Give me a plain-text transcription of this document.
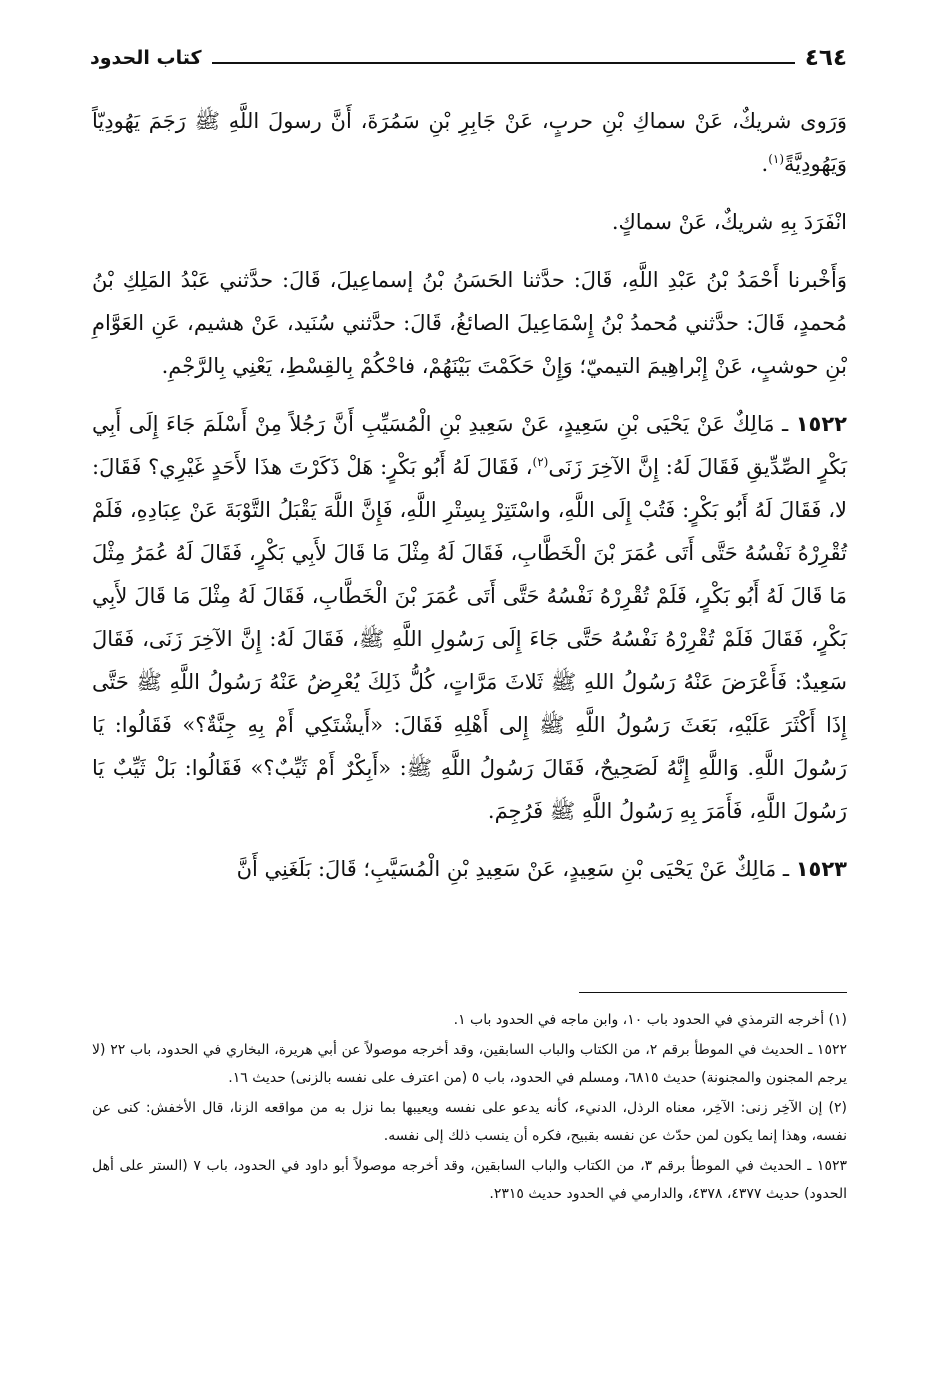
٤٦٤
كتاب الحدود

وَرَوى شريكٌ، عَنْ سماكِ بْنِ حربٍ، عَنْ جَابِرِ بْنِ سَمُرَةَ، أَنَّ رسولَ اللَّهِ ﷺ رَجَمَ يَهُودِيّاً وَيَهُودِيَّةً$^{(١)}$.

انْفَرَدَ بِهِ شريكٌ، عَنْ سماكٍ.

وَأَخْبرنا أَحْمَدُ بْنُ عَبْدِ اللَّهِ، قَالَ: حدَّثنا الحَسَنُ بْنُ إسماعِيلَ، قَالَ: حدَّثني عَبْدُ المَلِكِ بْنُ مُحمدٍ، قَالَ: حدَّثني مُحمدُ بْنُ إِسْمَاعِيلَ الصائغُ، قَالَ: حدَّثني سُنَيد، عَنْ هشيم، عَنِ العَوَّامِ بْنِ حوشبٍ، عَنْ إِبْراهِيمَ التيميّ؛ وَإِنْ حَكَمْتَ بَيْنَهُمْ، فاحْكُمْ بِالقِسْطِ، يَعْنِي بِالرَّجْمِ.

١٥٢٢ ـ مَالِكٌ عَنْ يَحْيَى بْنِ سَعِيدٍ، عَنْ سَعِيدِ بْنِ الْمُسَيِّبِ أَنَّ رَجُلاً مِنْ أَسْلَمَ جَاءَ إِلَى أَبِي بَكْرٍ الصِّدِّيقِ فَقَالَ لَهُ: إِنَّ الآخِرَ زَنَى$^{(٢)}$، فَقَالَ لَهُ أَبُو بَكْرٍ: هَلْ ذَكَرْتَ هذَا لأَحَدٍ غَيْرِي؟ فَقَالَ: لا، فَقَالَ لَهُ أَبُو بَكْرٍ: فَتُبْ إِلَى اللَّهِ، واسْتَتِرْ بِسِتْرِ اللَّهِ، فَإِنَّ اللَّهَ يَقْبَلُ التَّوْبَةَ عَنْ عِبَادِهِ، فَلَمْ تُقْرِرْهُ نَفْسُهُ حَتَّى أَتَى عُمَرَ بْنَ الْخَطَّابِ، فَقَالَ لَهُ مِثْلَ مَا قَالَ لأَبِي بَكْرٍ، فَقَالَ لَهُ عُمَرُ مِثْلَ مَا قَالَ لَهُ أَبُو بَكْرٍ، فَلَمْ تُقْرِرْهُ نَفْسُهُ حَتَّى أَتَى عُمَرَ بْنَ الْخَطَّابِ، فَقَالَ لَهُ مِثْلَ مَا قَالَ لأَبِي بَكْرٍ، فَقَالَ فَلَمْ تُقْرِرْهُ نَفْسُهُ حَتَّى جَاءَ إِلَى رَسُولِ اللَّهِ ﷺ، فَقَالَ لَهُ: إِنَّ الآخِرَ زَنَى، فَقَالَ سَعِيدٌ: فَأَعْرَضَ عَنْهُ رَسُولُ اللهِ ﷺ ثَلاثَ مَرَّاتٍ، كُلُّ ذَلِكَ يُعْرِضُ عَنْهُ رَسُولُ اللَّهِ ﷺ حَتَّى إِذَا أَكْثَرَ عَلَيْهِ، بَعَثَ رَسُولُ اللَّهِ ﷺ إِلى أَهْلِهِ فَقَالَ: «أَيشْتَكِي أَمْ بِهِ جِنَّةٌ؟» فَقَالُوا: يَا رَسُولَ اللَّهِ. وَاللَّهِ إِنَّهُ لَصَحِيحٌ، فَقَالَ رَسُولُ اللَّهِ ﷺ: «أَبِكْرٌ أَمْ ثَيِّبٌ؟» فَقَالُوا: بَلْ ثَيِّبٌ يَا رَسُولَ اللَّهِ، فَأَمَرَ بِهِ رَسُولُ اللَّهِ ﷺ فَرُجِمَ.

١٥٢٣ ـ مَالِكٌ عَنْ يَحْيَى بْنِ سَعِيدٍ، عَنْ سَعِيدِ بْنِ الْمُسَيَّبِ؛ قَالَ: بَلَغَنِي أَنَّ

(١) أخرجه الترمذي في الحدود باب ١٠، وابن ماجه في الحدود باب ١.

١٥٢٢ ـ الحديث في الموطأ برقم ٢، من الكتاب والباب السابقين، وقد أخرجه موصولاً عن أبي هريرة، البخاري في الحدود، باب ٢٢ (لا يرجم المجنون والمجنونة) حديث ٦٨١٥، ومسلم في الحدود، باب ٥ (من اعترف على نفسه بالزنى) حديث ١٦.

(٢) إن الآخِر زنى: الآخِر، معناه الرذل، الدنيء، كأنه يدعو على نفسه ويعيبها بما نزل به من مواقعه الزنا، قال الأخفش: كنى عن نفسه، وهذا إنما يكون لمن حدّث عن نفسه بقبيح، فكره أن ينسب ذلك إلى نفسه.

١٥٢٣ ـ الحديث في الموطأ برقم ٣، من الكتاب والباب السابقين، وقد أخرجه موصولاً أبو داود في الحدود، باب ٧ (الستر على أهل الحدود) حديث ٤٣٧٧، ٤٣٧٨، والدارمي في الحدود حديث ٢٣١٥.
